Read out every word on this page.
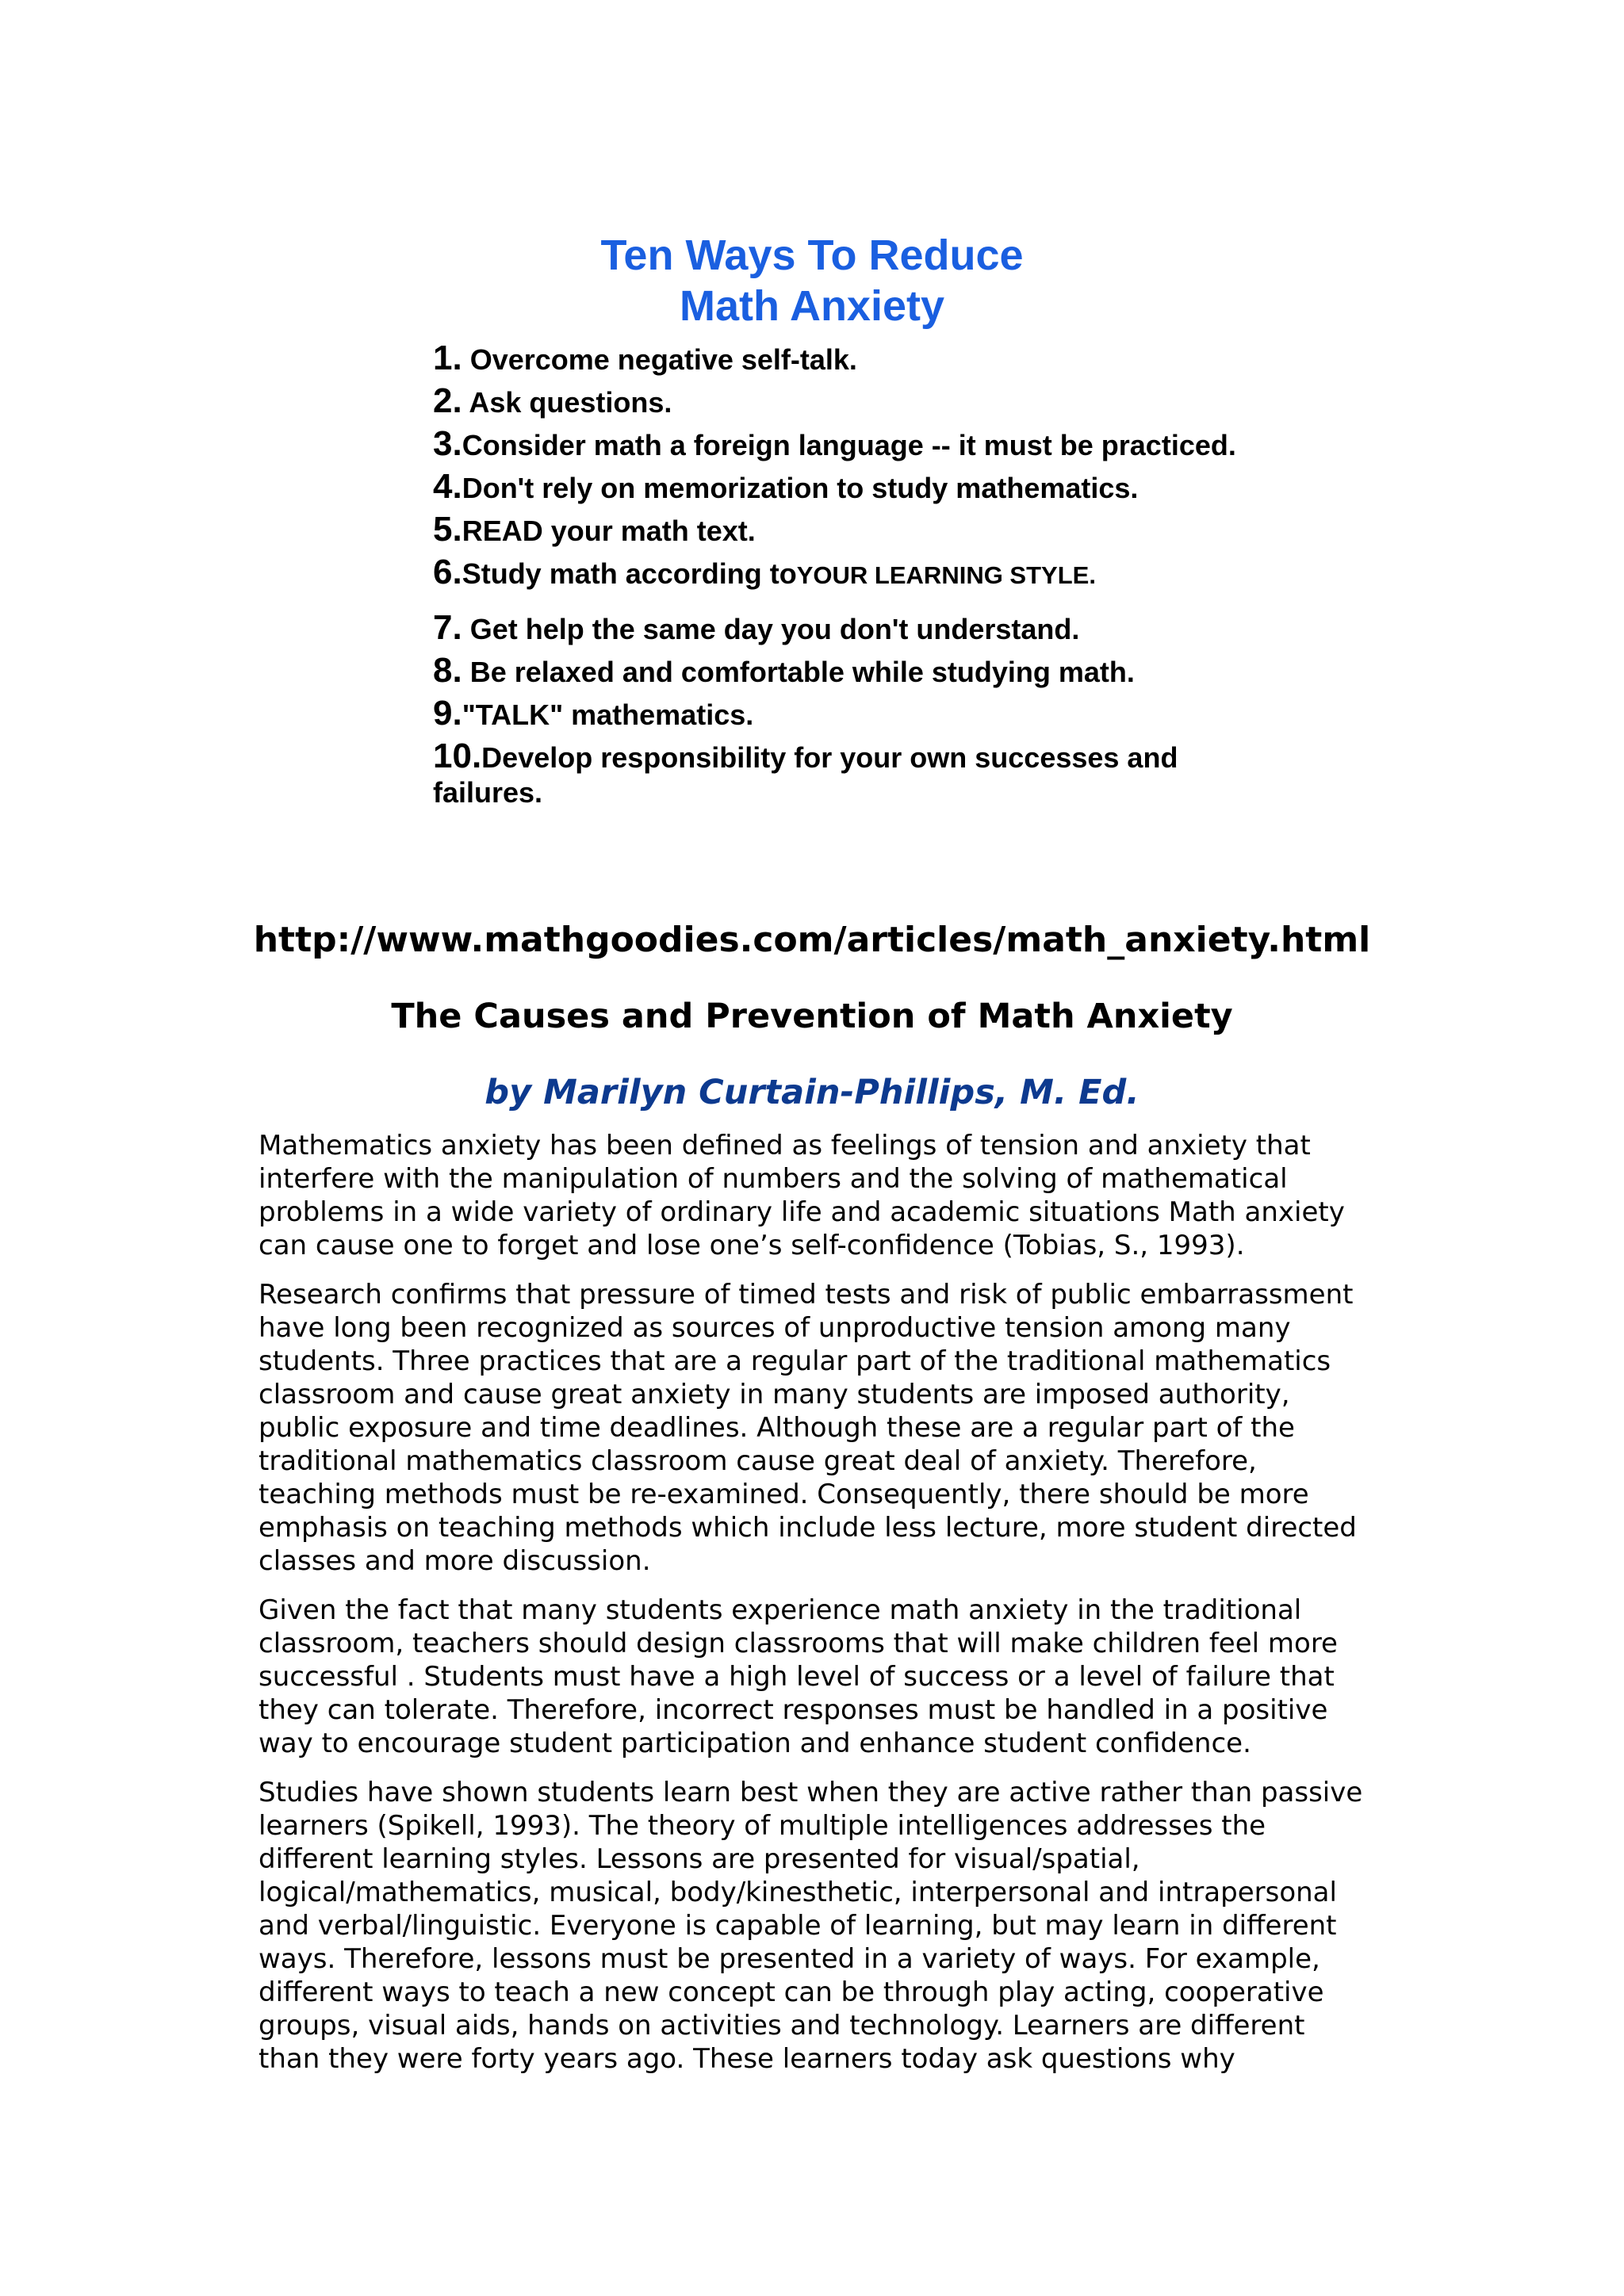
Ten Ways To Reduce
Math Anxiety
1. Overcome negative self-talk.
2. Ask questions.
3.Consider math a foreign language -- it must be practiced.
4.Don't rely on memorization to study mathematics.
5.READ your math text.
6.Study math according toYOUR LEARNING STYLE.
7. Get help the same day you don't understand.
8. Be relaxed and comfortable while studying math.
9."TALK" mathematics.
10.Develop responsibility for your own successes and failures.
http://www.mathgoodies.com/articles/math_anxiety.html
The Causes and Prevention of Math Anxiety
by Marilyn Curtain-Phillips, M. Ed.

Mathematics anxiety has been defined as feelings of tension and anxiety that interfere with the manipulation of numbers and the solving of mathematical problems in a wide variety of ordinary life and academic situations Math anxiety can cause one to forget and lose one’s self-confidence (Tobias, S., 1993).

Research confirms that pressure of timed tests and risk of public embarrassment have long been recognized as sources of unproductive tension among many students. Three practices that are a regular part of the traditional mathematics classroom and cause great anxiety in many students are imposed authority, public exposure and time deadlines. Although these are a regular part of the traditional mathematics classroom cause great deal of anxiety. Therefore, teaching methods must be re-examined. Consequently, there should be more emphasis on teaching methods which include less lecture, more student directed classes and more discussion.

Given the fact that many students experience math anxiety in the traditional classroom, teachers should design classrooms that will make children feel more successful . Students must have a high level of success or a level of failure that they can tolerate. Therefore, incorrect responses must be handled in a positive way to encourage student participation and enhance student confidence.

Studies have shown students learn best when they are active rather than passive learners (Spikell, 1993). The theory of multiple intelligences addresses the different learning styles. Lessons are presented for visual/spatial, logical/mathematics, musical, body/kinesthetic, interpersonal and intrapersonal and verbal/linguistic. Everyone is capable of learning, but may learn in different ways. Therefore, lessons must be presented in a variety of ways. For example, different ways to teach a new concept can be through play acting, cooperative groups, visual aids, hands on activities and technology. Learners are different than they were forty years ago. These learners today ask questions why
